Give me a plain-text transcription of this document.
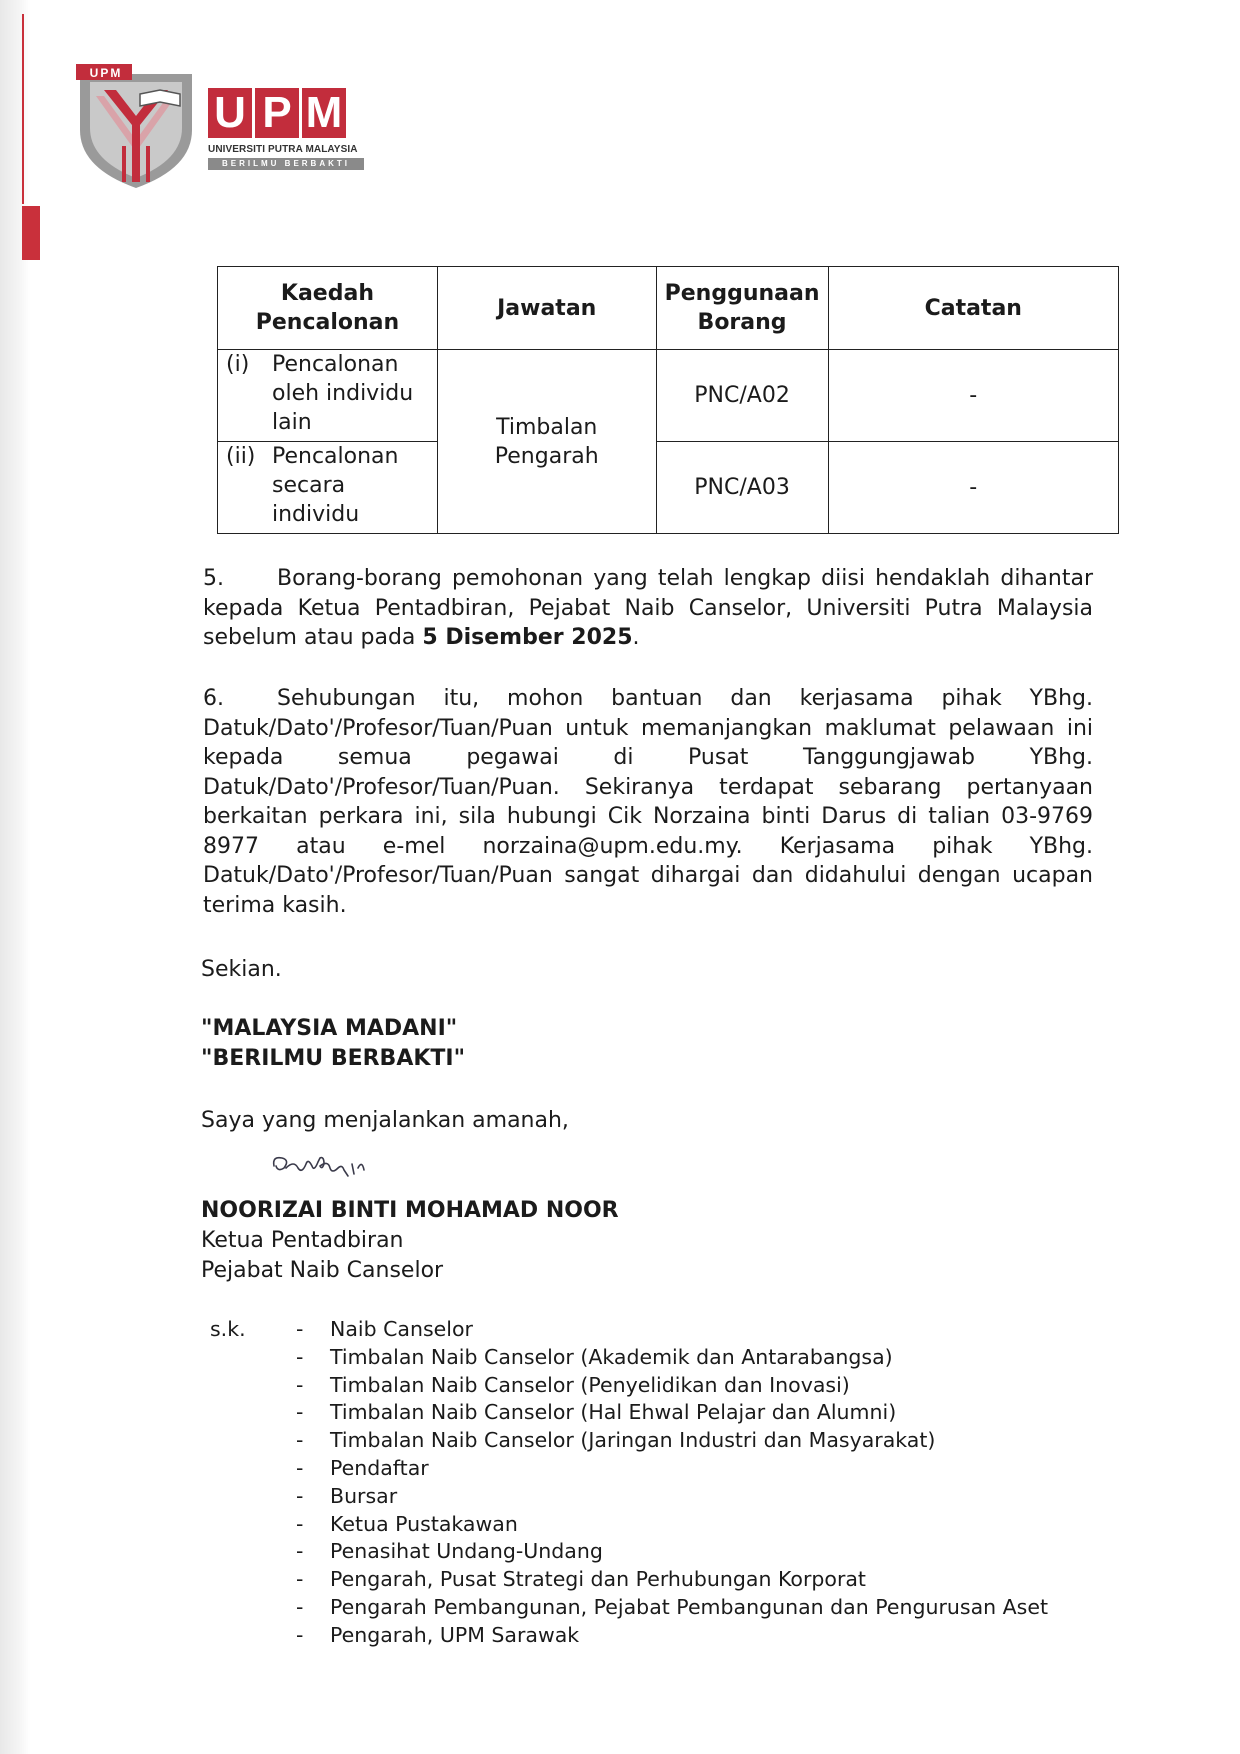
UPM
U P M
UNIVERSITI PUTRA MALAYSIA
BERILMU BERBAKTI
Kaedah Pencalonan	Jawatan	Penggunaan Borang	Catatan

(i) Pencalonan oleh individu lain	Timbalan Pengarah	PNC/A02	-

(ii) Pencalonan secara individu		PNC/A03	-
5. Borang-borang pemohonan yang telah lengkap diisi hendaklah dihantar kepada Ketua Pentadbiran, Pejabat Naib Canselor, Universiti Putra Malaysia sebelum atau pada 5 Disember 2025.
6. Sehubungan itu, mohon bantuan dan kerjasama pihak YBhg. Datuk/Dato'/Profesor/Tuan/Puan untuk memanjangkan maklumat pelawaan ini kepada semua pegawai di Pusat Tanggungjawab YBhg. Datuk/Dato'/Profesor/Tuan/Puan. Sekiranya terdapat sebarang pertanyaan berkaitan perkara ini, sila hubungi Cik Norzaina binti Darus di talian 03-9769 8977 atau e-mel norzaina@upm.edu.my. Kerjasama pihak YBhg. Datuk/Dato'/Profesor/Tuan/Puan sangat dihargai dan didahului dengan ucapan terima kasih.
Sekian.
"MALAYSIA MADANI"
"BERILMU BERBAKTI"
Saya yang menjalankan amanah,
NOORIZAI BINTI MOHAMAD NOOR
Ketua Pentadbiran
Pejabat Naib Canselor
s.k.	-	Naib Canselor
-	Timbalan Naib Canselor (Akademik dan Antarabangsa)
-	Timbalan Naib Canselor (Penyelidikan dan Inovasi)
-	Timbalan Naib Canselor (Hal Ehwal Pelajar dan Alumni)
-	Timbalan Naib Canselor (Jaringan Industri dan Masyarakat)
-	Pendaftar
-	Bursar
-	Ketua Pustakawan
-	Penasihat Undang-Undang
-	Pengarah, Pusat Strategi dan Perhubungan Korporat
-	Pengarah Pembangunan, Pejabat Pembangunan dan Pengurusan Aset
-	Pengarah, UPM Sarawak
